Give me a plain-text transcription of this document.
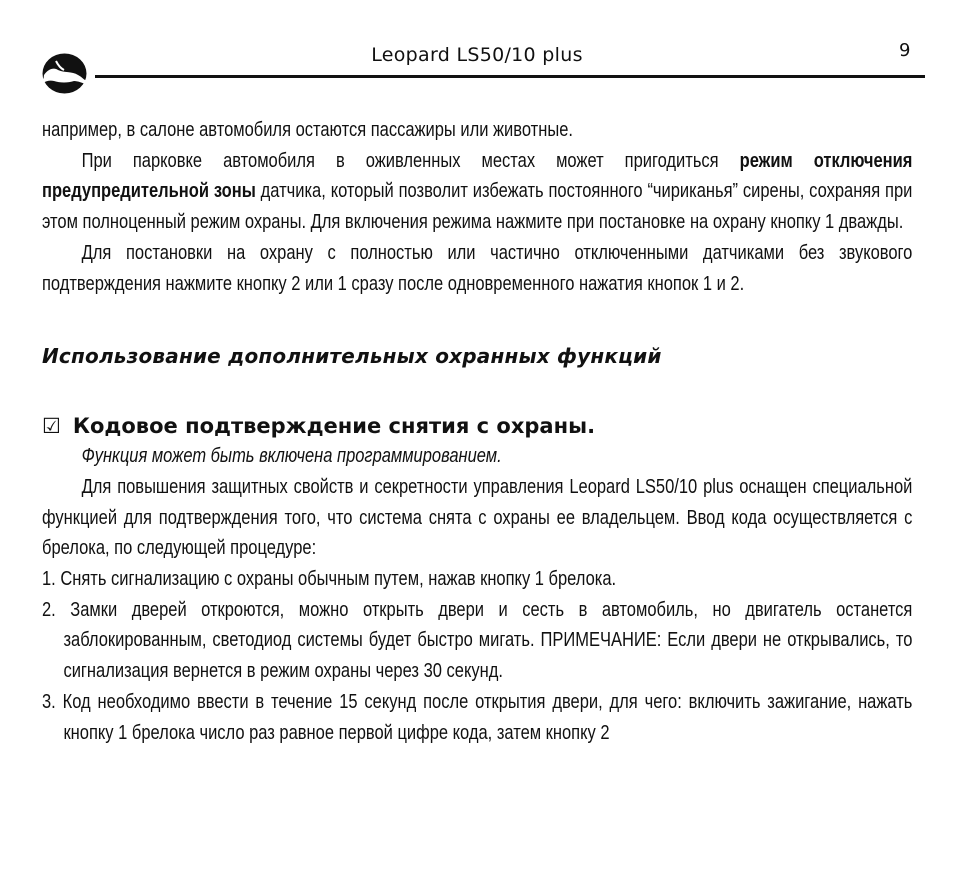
Leopard LS50/10 plus	9

например, в салоне автомобиля остаются пассажиры или животные.

При парковке автомобиля в оживленных местах может пригодиться режим отключения предупредительной зоны датчика, который позволит избежать постоянного “чириканья” сирены, сохраняя при этом полноценный режим охраны. Для включения режима нажмите при постановке на охрану кнопку 1 дважды.

Для постановки на охрану с полностью или частично отключенными датчиками без звукового подтверждения нажмите кнопку 2 или 1 сразу после одновременного нажатия кнопок 1 и 2.

Использование дополнительных охранных функций
☑ Кодовое подтверждение снятия с охраны.

Функция может быть включена программированием.

Для повышения защитных свойств и секретности управления Leopard LS50/10 plus оснащен специальной функцией для подтверждения того, что система снята с охраны ее владельцем. Ввод кода осуществляется с брелока, по следующей процедуре:

1. Снять сигнализацию с охраны обычным путем, нажав кнопку 1 брелока.

2. Замки дверей откроются, можно открыть двери и сесть в автомобиль, но двигатель останется заблокированным, светодиод системы будет быстро мигать. ПРИМЕЧАНИЕ: Если двери не открывались, то сигнализация вернется в режим охраны через 30 секунд.

3. Код необходимо ввести в течение 15 секунд после открытия двери, для чего: включить зажигание, нажать кнопку 1 брелока число раз равное первой цифре кода, затем кнопку 2
